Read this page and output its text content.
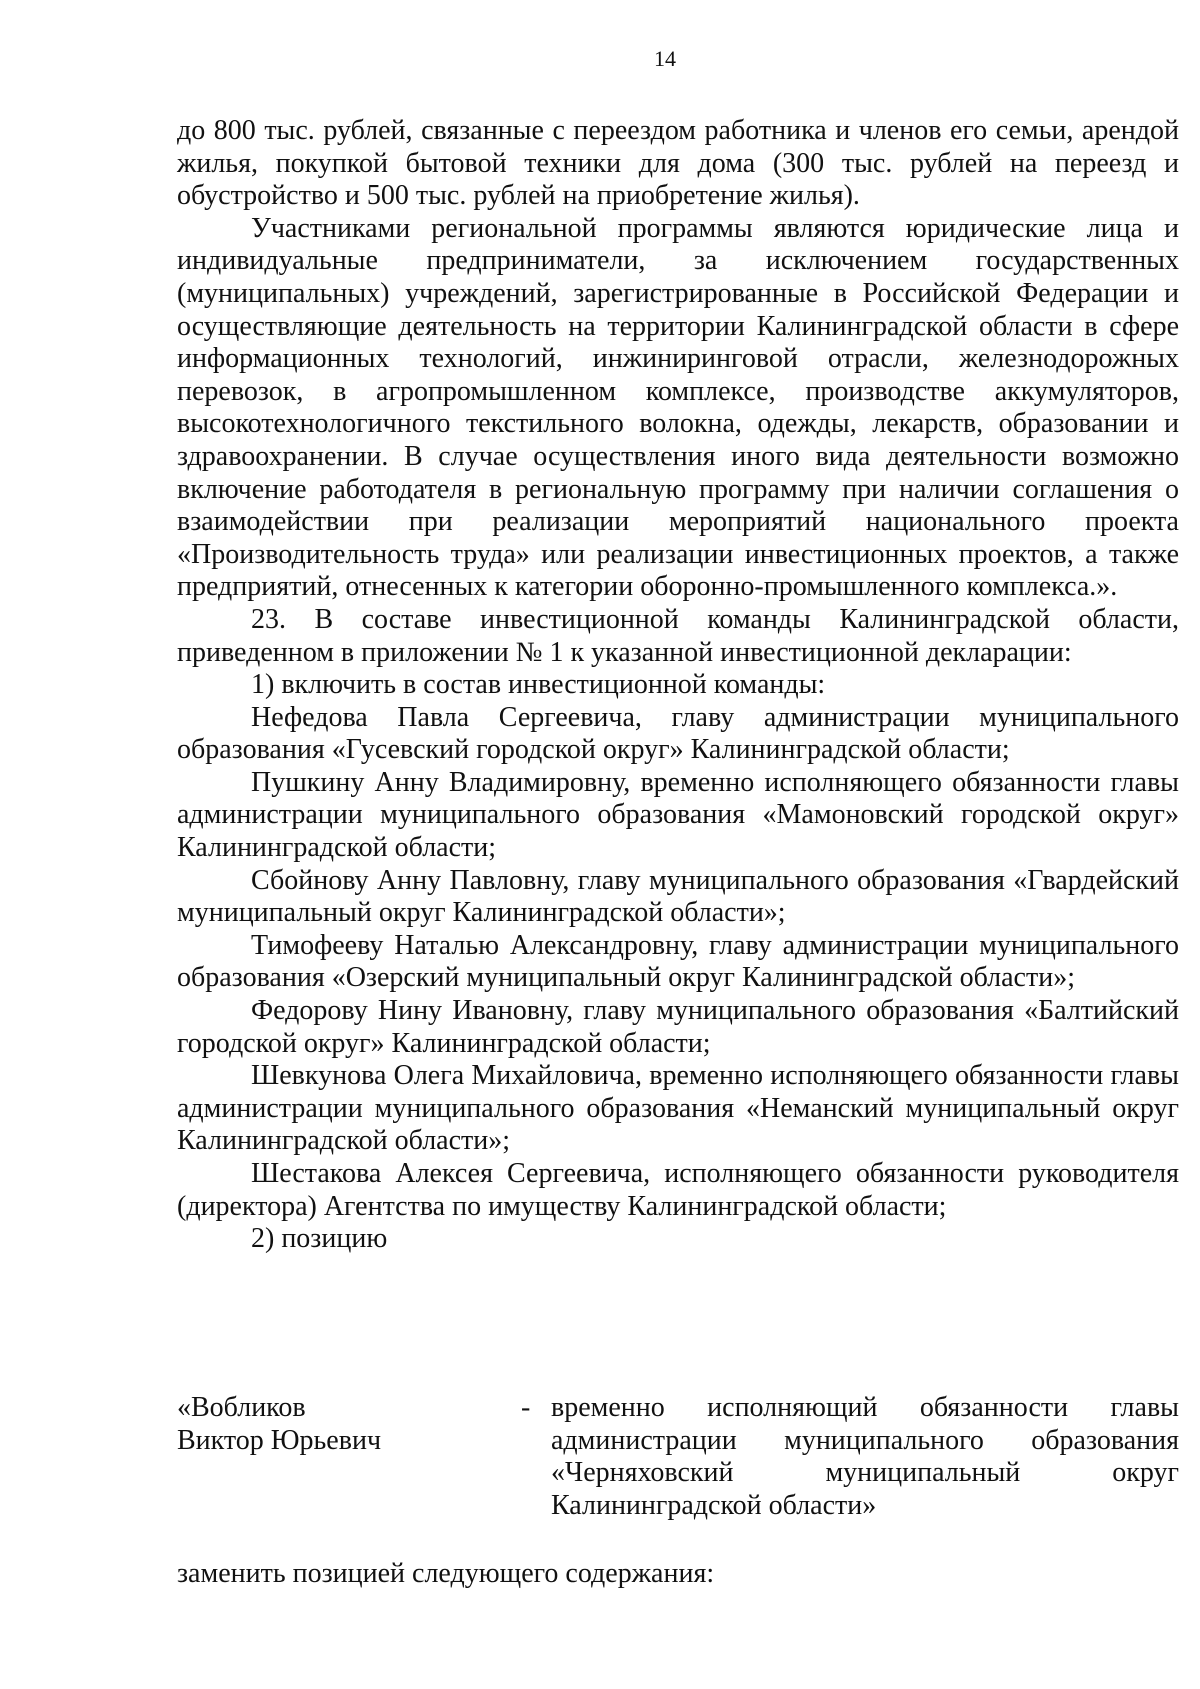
14

до 800 тыс. рублей, связанные с переездом работника и членов его семьи, арендой жилья, покупкой бытовой техники для дома (300 тыс. рублей на переезд и обустройство и 500 тыс. рублей на приобретение жилья).

Участниками региональной программы являются юридические лица и индивидуальные предприниматели, за исключением государственных (муниципальных) учреждений, зарегистрированные в Российской Федерации и осуществляющие деятельность на территории Калининградской области в сфере информационных технологий, инжиниринговой отрасли, железнодорожных перевозок, в агропромышленном комплексе, производстве аккумуляторов, высокотехнологичного текстильного волокна, одежды, лекарств, образовании и здравоохранении. В случае осуществления иного вида деятельности возможно включение работодателя в региональную программу при наличии соглашения о взаимодействии при реализации мероприятий национального проекта «Производительность труда» или реализации инвестиционных проектов, а также предприятий, отнесенных к категории оборонно-промышленного комплекса.».

23. В составе инвестиционной команды Калининградской области, приведенном в приложении № 1 к указанной инвестиционной декларации:

1) включить в состав инвестиционной команды:

Нефедова Павла Сергеевича, главу администрации муниципального образования «Гусевский городской округ» Калининградской области;

Пушкину Анну Владимировну, временно исполняющего обязанности главы администрации муниципального образования «Мамоновский городской округ» Калининградской области;

Сбойнову Анну Павловну, главу муниципального образования «Гвардейский муниципальный округ Калининградской области»;

Тимофееву Наталью Александровну, главу администрации муниципального образования «Озерский муниципальный округ Калининградской области»;

Федорову Нину Ивановну, главу муниципального образования «Балтийский городской округ» Калининградской области;

Шевкунова Олега Михайловича, временно исполняющего обязанности главы администрации муниципального образования «Неманский муниципальный округ Калининградской области»;

Шестакова Алексея Сергеевича, исполняющего обязанности руководителя (директора) Агентства по имуществу Калининградской области;

2) позицию

«Вобликов
Виктор Юрьевич
- временно исполняющий обязанности главы администрации муниципального образования «Черняховский муниципальный округ Калининградской области»
заменить позицией следующего содержания:
